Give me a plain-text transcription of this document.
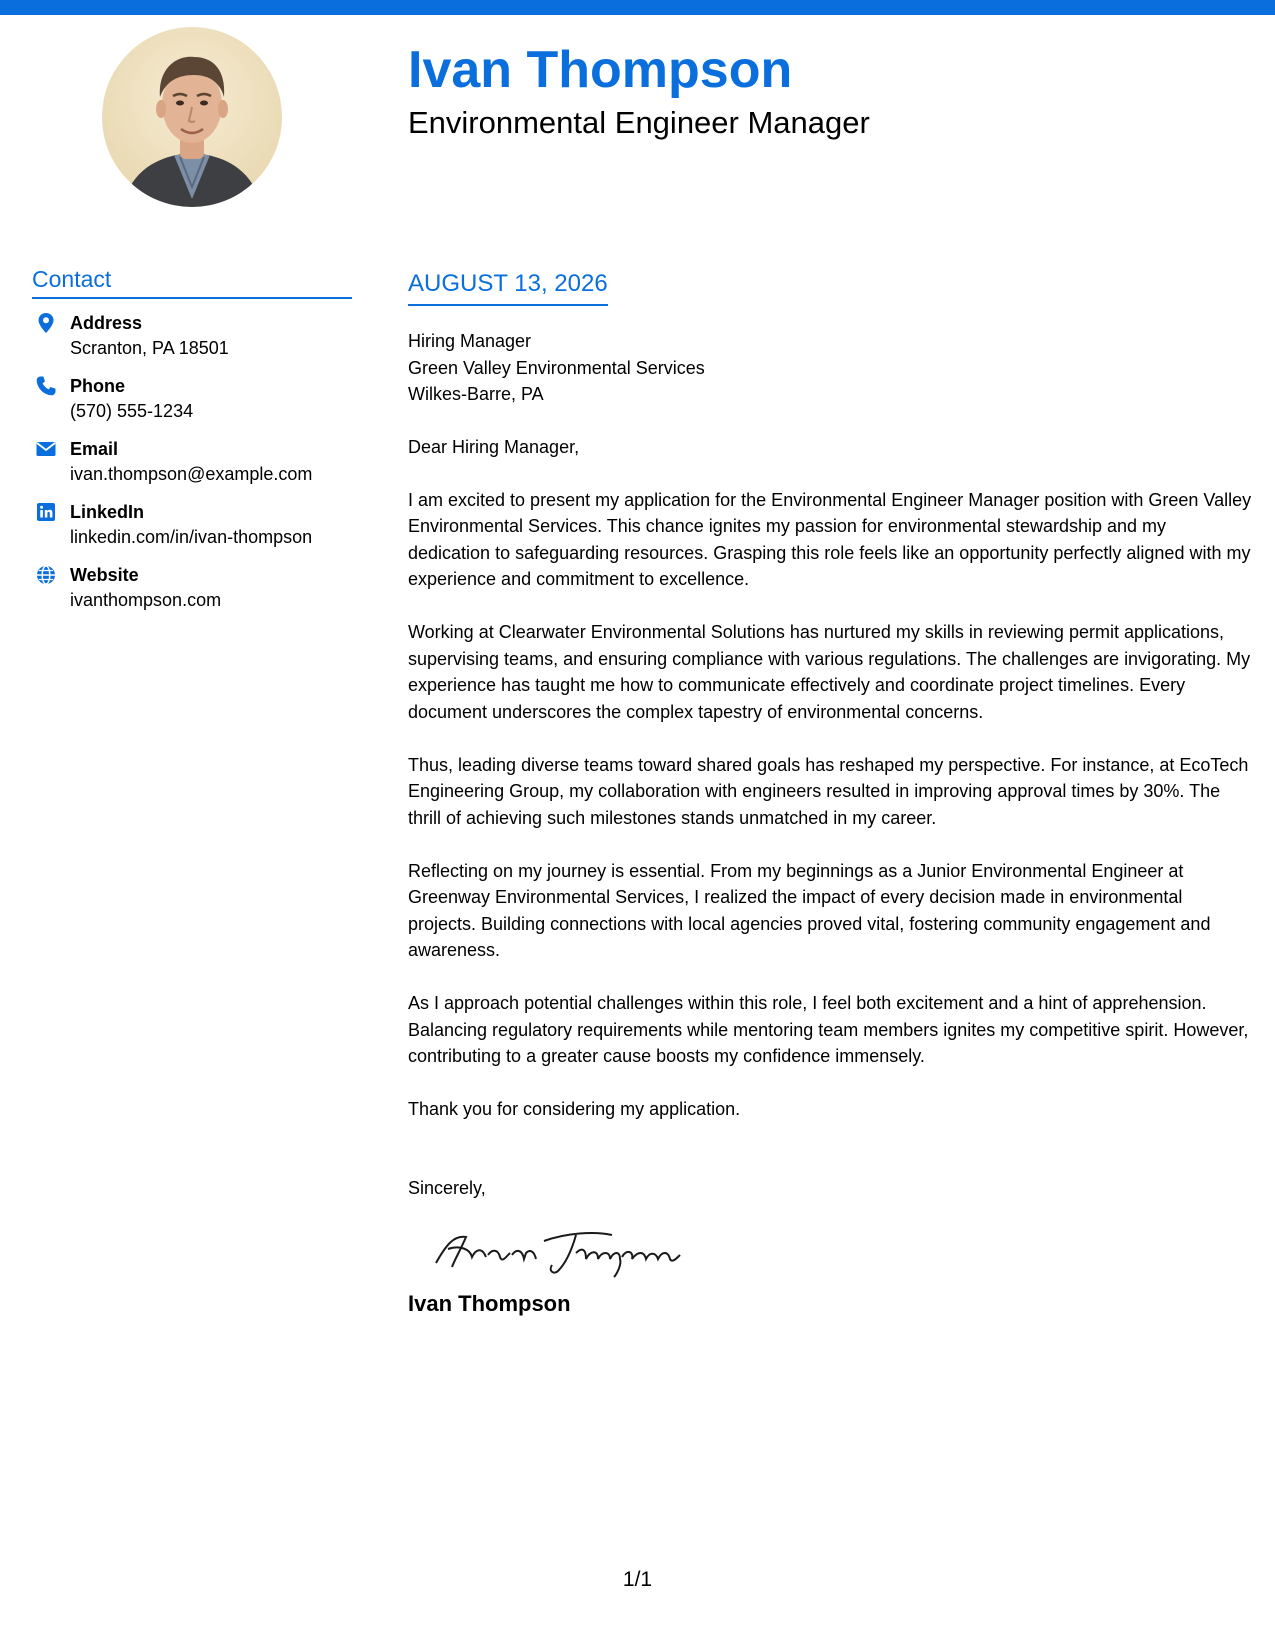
Ivan Thompson
Environmental Engineer Manager
Contact
Address
Scranton, PA 18501
Phone
(570) 555-1234
Email
ivan.thompson@example.com
LinkedIn
linkedin.com/in/ivan-thompson
Website
ivanthompson.com
AUGUST 13, 2026
Hiring Manager
Green Valley Environmental Services
Wilkes-Barre, PA

Dear Hiring Manager,

I am excited to present my application for the Environmental Engineer Manager position with Green Valley Environmental Services. This chance ignites my passion for environmental stewardship and my dedication to safeguarding resources. Grasping this role feels like an opportunity perfectly aligned with my experience and commitment to excellence.

Working at Clearwater Environmental Solutions has nurtured my skills in reviewing permit applications, supervising teams, and ensuring compliance with various regulations. The challenges are invigorating. My experience has taught me how to communicate effectively and coordinate project timelines. Every document underscores the complex tapestry of environmental concerns.

Thus, leading diverse teams toward shared goals has reshaped my perspective. For instance, at EcoTech Engineering Group, my collaboration with engineers resulted in improving approval times by 30%. The thrill of achieving such milestones stands unmatched in my career.

Reflecting on my journey is essential. From my beginnings as a Junior Environmental Engineer at Greenway Environmental Services, I realized the impact of every decision made in environmental projects. Building connections with local agencies proved vital, fostering community engagement and awareness.

As I approach potential challenges within this role, I feel both excitement and a hint of apprehension. Balancing regulatory requirements while mentoring team members ignites my competitive spirit. However, contributing to a greater cause boosts my confidence immensely.

Thank you for considering my application.

Sincerely,

Ivan Thompson
1/1
